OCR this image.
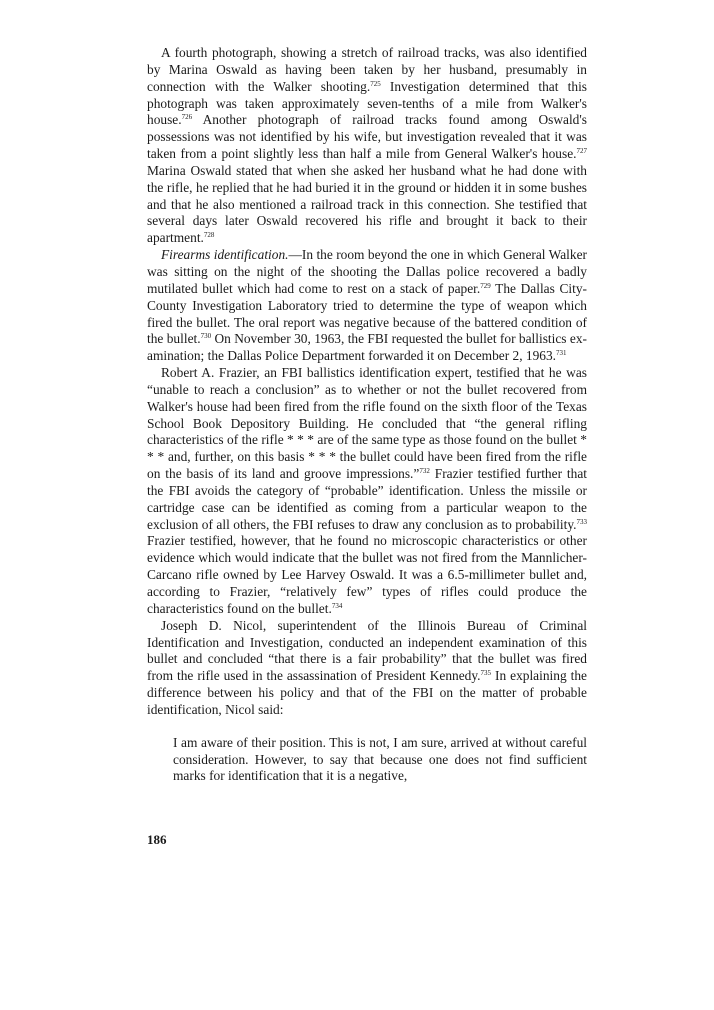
A fourth photograph, showing a stretch of railroad tracks, was also identified by Marina Oswald as having been taken by her husband, presumably in connection with the Walker shooting.$^{725}$ Investigation determined that this photograph was taken approximately seven-tenths of a mile from Walker's house.$^{726}$ Another photograph of railroad tracks found among Oswald's possessions was not identified by his wife, but investigation revealed that it was taken from a point slightly less than half a mile from General Walker's house.$^{727}$ Marina Oswald stated that when she asked her husband what he had done with the rifle, he replied that he had buried it in the ground or hidden it in some bushes and that he also mentioned a railroad track in this connection. She testified that several days later Oswald recovered his rifle and brought it back to their apartment.$^{728}$

Firearms identification.—In the room beyond the one in which General Walker was sitting on the night of the shooting the Dallas police recovered a badly mutilated bullet which had come to rest on a stack of paper.$^{729}$ The Dallas City-County Investigation Laboratory tried to determine the type of weapon which fired the bullet. The oral report was negative because of the battered condition of the bullet.$^{730}$ On November 30, 1963, the FBI requested the bullet for ballistics examination; the Dallas Police Department forwarded it on December 2, 1963.$^{731}$

Robert A. Frazier, an FBI ballistics identification expert, testified that he was “unable to reach a conclusion” as to whether or not the bullet recovered from Walker's house had been fired from the rifle found on the sixth floor of the Texas School Book Depository Building. He concluded that “the general rifling characteristics of the rifle * * * are of the same type as those found on the bullet * * * and, further, on this basis * * * the bullet could have been fired from the rifle on the basis of its land and groove impressions.”$^{732}$ Frazier testified further that the FBI avoids the category of “probable” identification. Unless the missile or cartridge case can be identified as coming from a particular weapon to the exclusion of all others, the FBI refuses to draw any conclusion as to probability.$^{733}$ Frazier testified, however, that he found no microscopic characteristics or other evidence which would indicate that the bullet was not fired from the Mannlicher-Carcano rifle owned by Lee Harvey Oswald. It was a 6.5-millimeter bullet and, according to Frazier, “relatively few” types of rifles could produce the characteristics found on the bullet.$^{734}$

Joseph D. Nicol, superintendent of the Illinois Bureau of Criminal Identification and Investigation, conducted an independent examination of this bullet and concluded “that there is a fair probability” that the bullet was fired from the rifle used in the assassination of President Kennedy.$^{735}$ In explaining the difference between his policy and that of the FBI on the matter of probable identification, Nicol said:

I am aware of their position. This is not, I am sure, arrived at without careful consideration. However, to say that because one does not find sufficient marks for identification that it is a negative,

186
